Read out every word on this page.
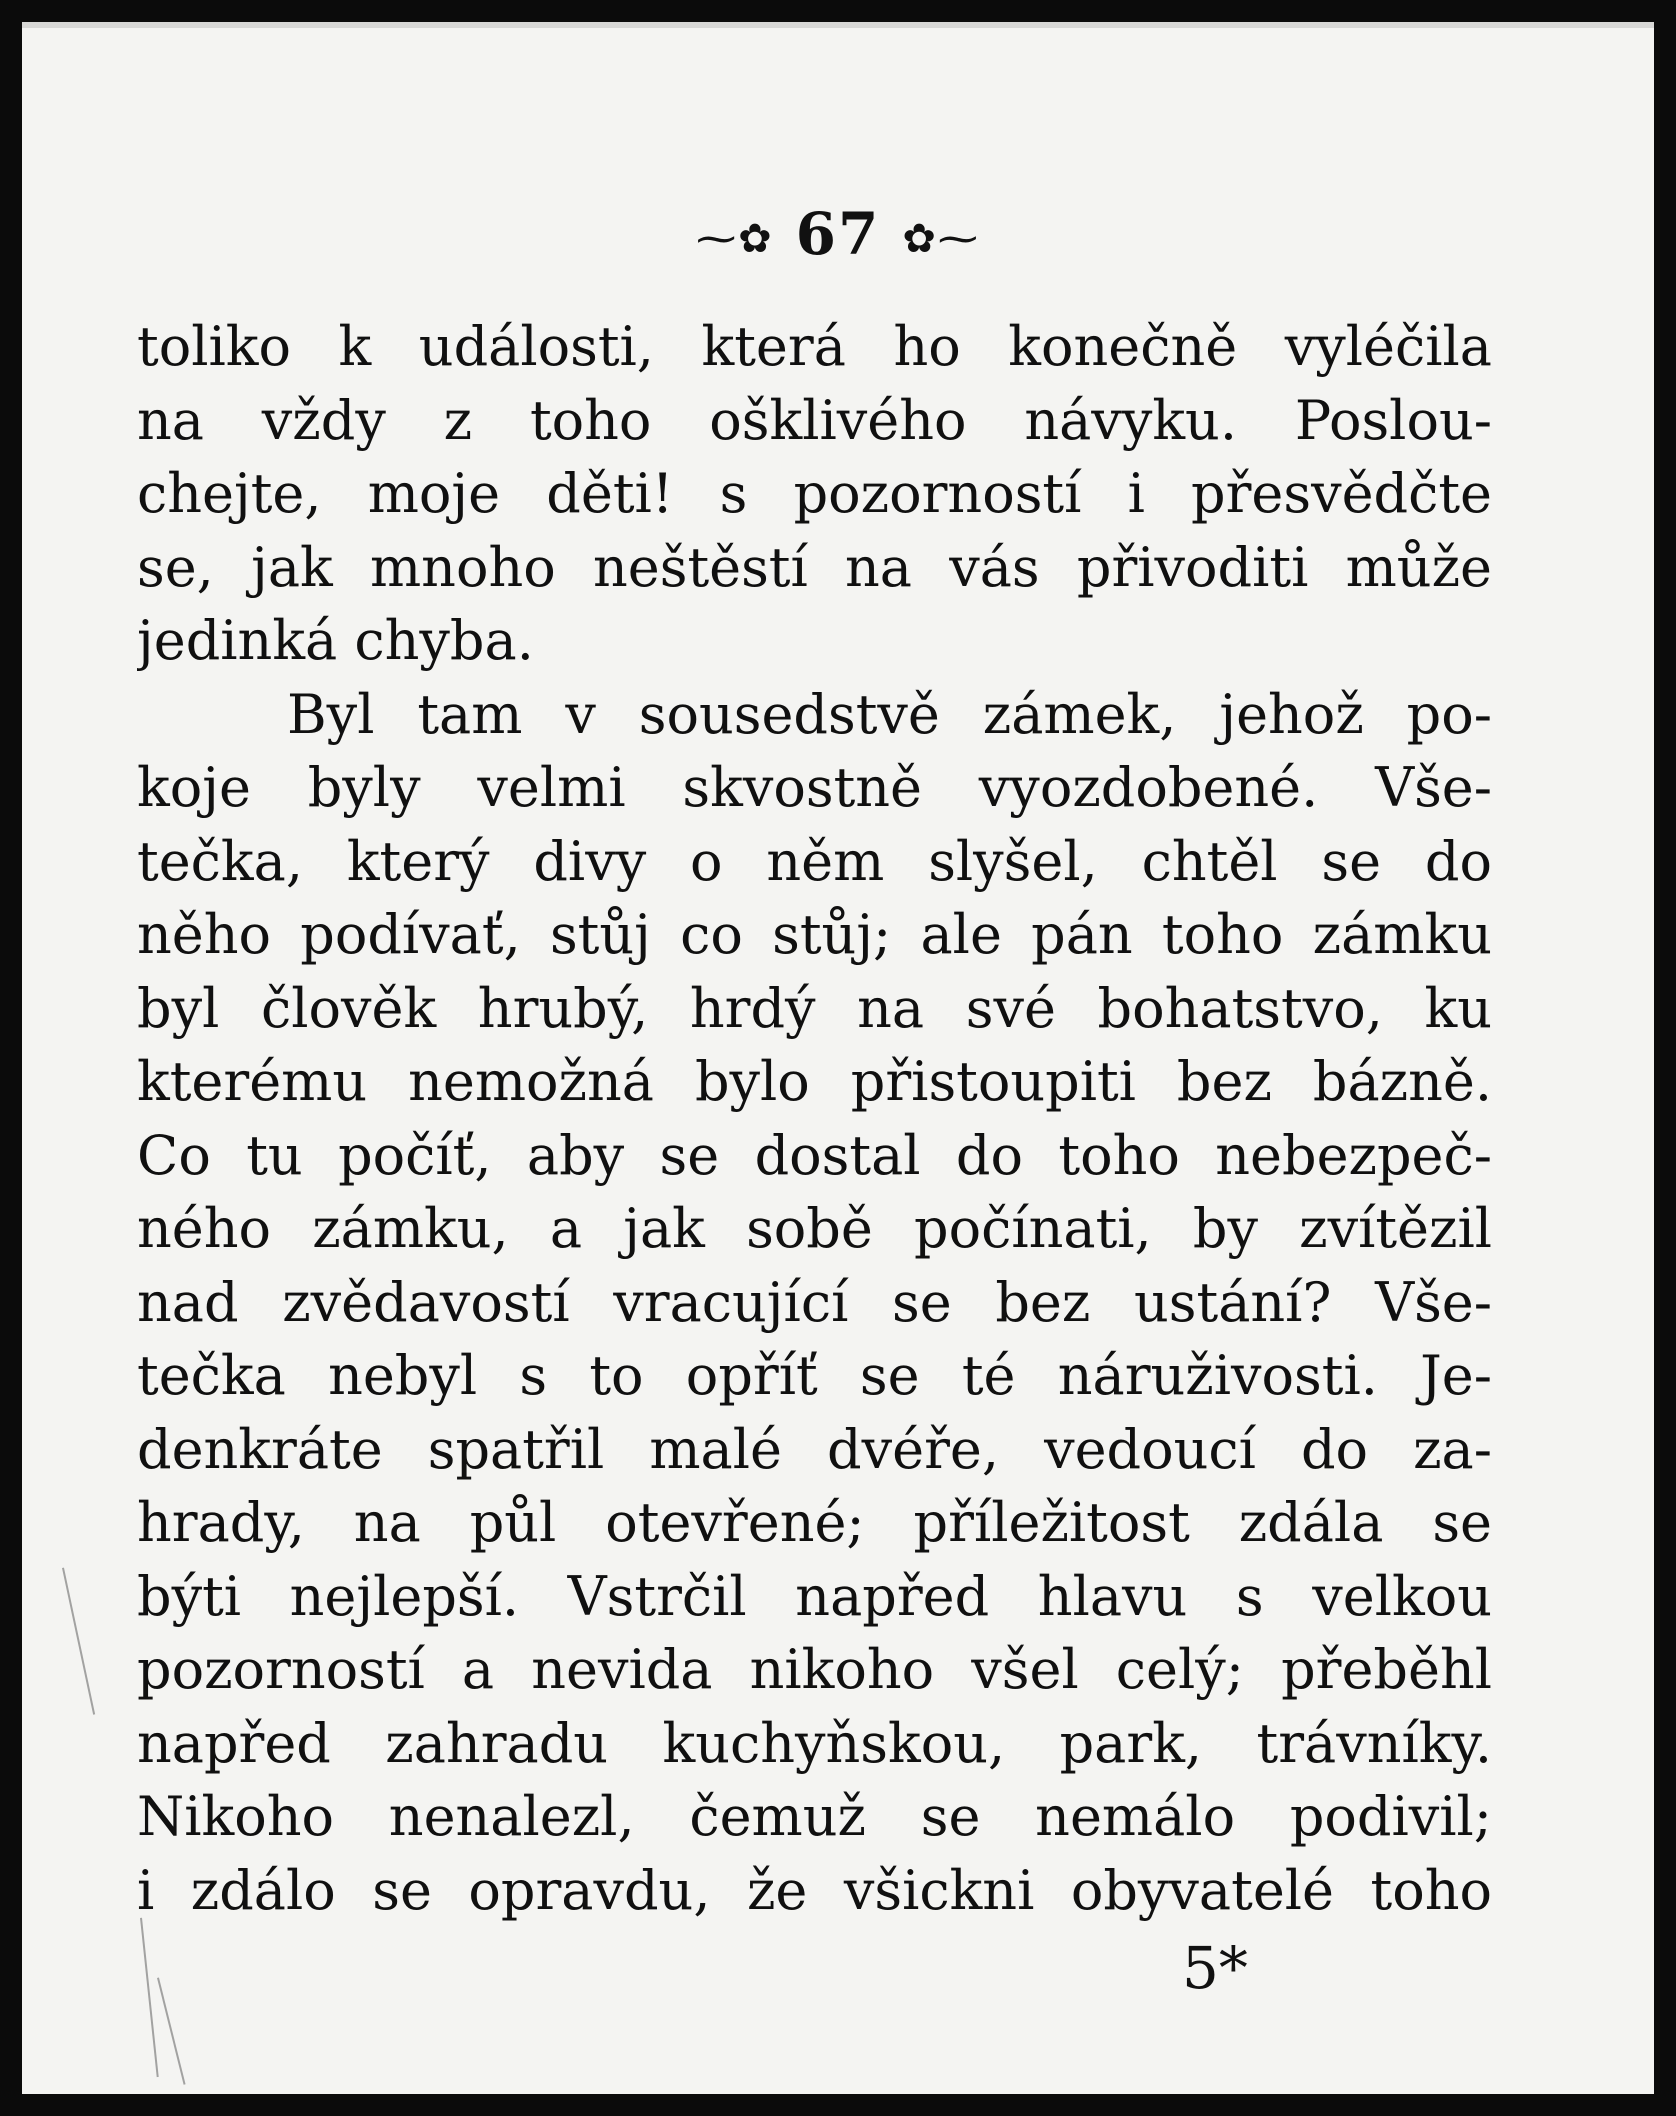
⁓✿ 67 ✿⁓
toliko k události, která ho konečně vyléčila
na vždy z toho ošklivého návyku. Poslou-
chejte, moje děti! s pozorností i přesvědčte
se, jak mnoho neštěstí na vás přivoditi může
jedinká chyba.
Byl tam v sousedstvě zámek, jehož po-
koje byly velmi skvostně vyozdobené. Vše-
tečka, který divy o něm slyšel, chtěl se do
něho podívať, stůj co stůj; ale pán toho zámku
byl člověk hrubý, hrdý na své bohatstvo, ku
kterému nemožná bylo přistoupiti bez bázně.
Co tu počíť, aby se dostal do toho nebezpeč-
ného zámku, a jak sobě počínati, by zvítězil
nad zvědavostí vracující se bez ustání? Vše-
tečka nebyl s to opříť se té náruživosti. Je-
denkráte spatřil malé dvéře, vedoucí do za-
hrady, na půl otevřené; příležitost zdála se
býti nejlepší. Vstrčil napřed hlavu s velkou
pozorností a nevida nikoho všel celý; přeběhl
napřed zahradu kuchyňskou, park, trávníky.
Nikoho nenalezl, čemuž se nemálo podivil;
i zdálo se opravdu, že všickni obyvatelé toho
5*
